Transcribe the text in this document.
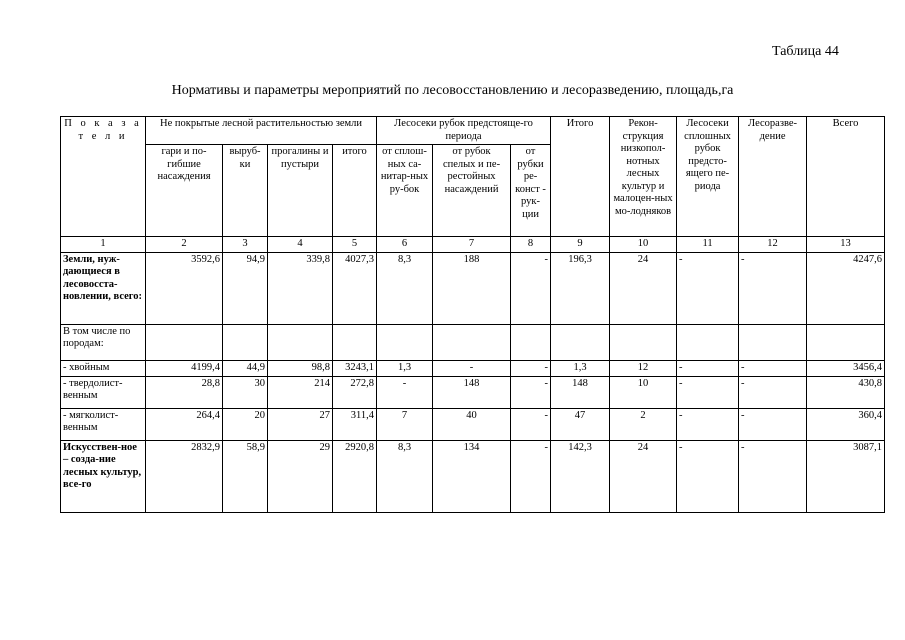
Таблица 44
Нормативы и параметры мероприятий по лесовосстановлению и лесоразведению, площадь,га
П о к а з а т е л и	Не покрытые лесной растительностью земли				Лесосеки рубок предстояще-го периода			Итого	Рекон-струкция низкопол-нотных лесных культур и малоцен-ных мо-лодняков	Лесосеки сплошных рубок предсто-ящего пе-риода	Лесоразве-дение	Всего
	гари и по-гибшие насаждения	выруб-ки	прогалины и пустыри	итого	от сплош-ных са-нитар-ных ру-бок	от рубок спелых и пе-рестойных насаждений	от рубки ре-конст - рук-ции					
1	2	3	4	5	6	7	8	9	10	11	12	13
Земли, нуж-дающиеся в лесовосста-новлении, всего:	3592,6	94,9	339,8	4027,3	8,3	188	-	196,3	24	-	-	4247,6
В том числе по породам:												
- хвойным	4199,4	44,9	98,8	3243,1	1,3	-	-	1,3	12	-	-	3456,4
- твердолист-венным	28,8	30	214	272,8	-	148	-	148	10	-	-	430,8
- мягколист-венным	264,4	20	27	311,4	7	40	-	47	2	-	-	360,4
Искусствен-ное – созда-ние лесных культур, все-го	2832,9	58,9	29	2920,8	8,3	134	-	142,3	24	-	-	3087,1
